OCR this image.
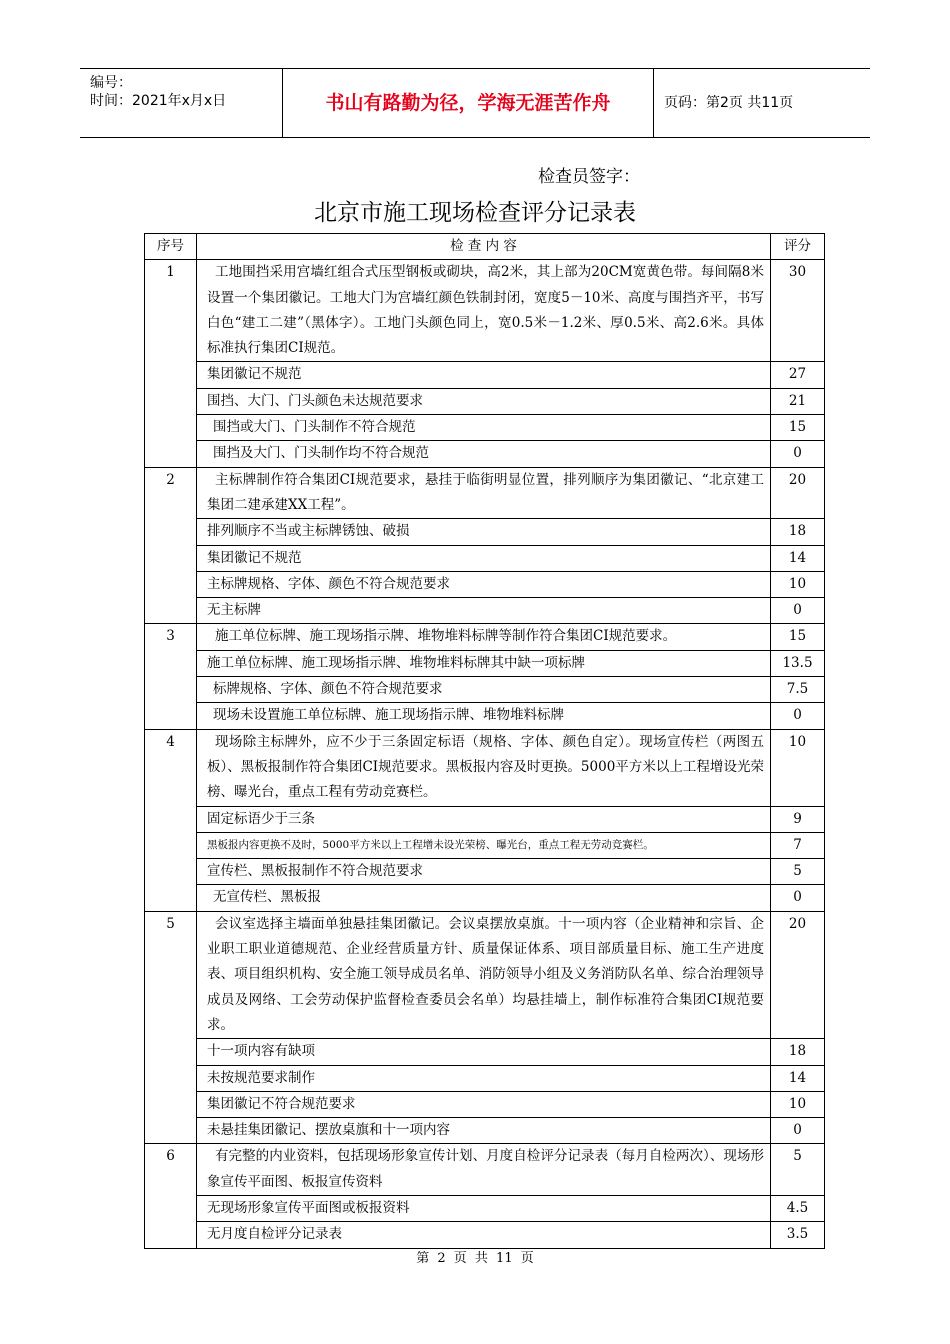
编号：
时间：2021年x月x日	书山有路勤为径，学海无涯苦作舟	页码：第2页 共11页
检查员签字：
北京市施工现场检查评分记录表
序号	检 查 内 容	评分
1	工地围挡采用宫墙红组合式压型钢板或砌块，高2米，其上部为20CM宽黄色带。每间隔8米设置一个集团徽记。工地大门为宫墙红颜色铁制封闭，宽度5－10米、高度与围挡齐平，书写白色“建工二建”（黑体字）。工地门头颜色同上，宽0.5米－1.2米、厚0.5米、高2.6米。具体标准执行集团CI规范。	30
	集团徽记不规范	27
	围挡、大门、门头颜色未达规范要求	21
	围挡或大门、门头制作不符合规范	15
	围挡及大门、门头制作均不符合规范	0
2	主标牌制作符合集团CI规范要求，悬挂于临街明显位置，排列顺序为集团徽记、“北京建工集团二建承建XX工程”。	20
	排列顺序不当或主标牌锈蚀、破损	18
	集团徽记不规范	14
	主标牌规格、字体、颜色不符合规范要求	10
	无主标牌	0
3	施工单位标牌、施工现场指示牌、堆物堆料标牌等制作符合集团CI规范要求。	15
	施工单位标牌、施工现场指示牌、堆物堆料标牌其中缺一项标牌	13.5
	标牌规格、字体、颜色不符合规范要求	7.5
	现场未设置施工单位标牌、施工现场指示牌、堆物堆料标牌	0
4	现场除主标牌外，应不少于三条固定标语（规格、字体、颜色自定）。现场宣传栏（两图五板）、黑板报制作符合集团CI规范要求。黑板报内容及时更换。5000平方米以上工程增设光荣榜、曝光台，重点工程有劳动竞赛栏。	10
	固定标语少于三条	9
	黑板报内容更换不及时，5000平方米以上工程增未设光荣榜、曝光台，重点工程无劳动竞赛栏。	7
	宣传栏、黑板报制作不符合规范要求	5
	无宣传栏、黑板报	0
5	会议室选择主墙面单独悬挂集团徽记。会议桌摆放桌旗。十一项内容（企业精神和宗旨、企业职工职业道德规范、企业经营质量方针、质量保证体系、项目部质量目标、施工生产进度表、项目组织机构、安全施工领导成员名单、消防领导小组及义务消防队名单、综合治理领导成员及网络、工会劳动保护监督检查委员会名单）均悬挂墙上，制作标准符合集团CI规范要求。	20
	十一项内容有缺项	18
	未按规范要求制作	14
	集团徽记不符合规范要求	10
	未悬挂集团徽记、摆放桌旗和十一项内容	0
6	有完整的内业资料，包括现场形象宣传计划、月度自检评分记录表（每月自检两次）、现场形象宣传平面图、板报宣传资料	5
	无现场形象宣传平面图或板报资料	4.5
	无月度自检评分记录表	3.5
第 2 页 共 11 页
